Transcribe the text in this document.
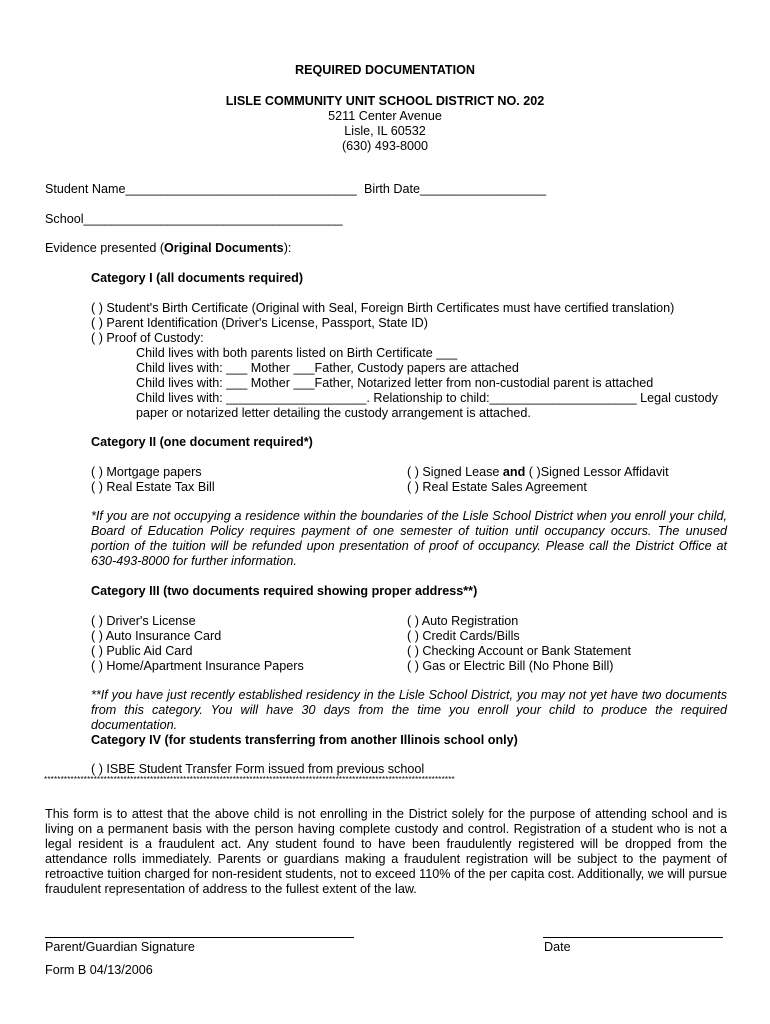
REQUIRED DOCUMENTATION
LISLE COMMUNITY UNIT SCHOOL DISTRICT NO. 202
5211 Center Avenue
Lisle, IL 60532
(630) 493-8000
Student Name_________________________________ Birth Date__________________
School_____________________________________
Evidence presented (Original Documents):
Category I (all documents required)
( ) Student's Birth Certificate (Original with Seal, Foreign Birth Certificates must have certified translation)
( ) Parent Identification (Driver's License, Passport, State ID)
( ) Proof of Custody:
Child lives with both parents listed on Birth Certificate ___
Child lives with: ___ Mother ___Father, Custody papers are attached
Child lives with: ___ Mother ___Father, Notarized letter from non-custodial parent is attached
Child lives with: ____________________. Relationship to child:_____________________ Legal custody
paper or notarized letter detailing the custody arrangement is attached.
Category II (one document required*)
( ) Mortgage papers
( ) Real Estate Tax Bill
( ) Signed Lease and ( )Signed Lessor Affidavit
( ) Real Estate Sales Agreement
*If you are not occupying a residence within the boundaries of the Lisle School District when you enroll your child, Board of Education Policy requires payment of one semester of tuition until occupancy occurs. The unused portion of the tuition will be refunded upon presentation of proof of occupancy. Please call the District Office at 630-493-8000 for further information.
Category III (two documents required showing proper address**)
( ) Driver's License
( ) Auto Insurance Card
( ) Public Aid Card
( ) Home/Apartment Insurance Papers
( ) Auto Registration
( ) Credit Cards/Bills
( ) Checking Account or Bank Statement
( ) Gas or Electric Bill (No Phone Bill)
**If you have just recently established residency in the Lisle School District, you may not yet have two documents from this category. You will have 30 days from the time you enroll your child to produce the required documentation.
Category IV (for students transferring from another Illinois school only)
( ) ISBE Student Transfer Form issued from previous school
****************************************************************************************************************************
This form is to attest that the above child is not enrolling in the District solely for the purpose of attending school and is living on a permanent basis with the person having complete custody and control. Registration of a student who is not a legal resident is a fraudulent act. Any student found to have been fraudulently registered will be dropped from the attendance rolls immediately. Parents or guardians making a fraudulent registration will be subject to the payment of retroactive tuition charged for non-resident students, not to exceed 110% of the per capita cost. Additionally, we will pursue fraudulent representation of address to the fullest extent of the law.
Parent/Guardian Signature	Date
Form B 04/13/2006
